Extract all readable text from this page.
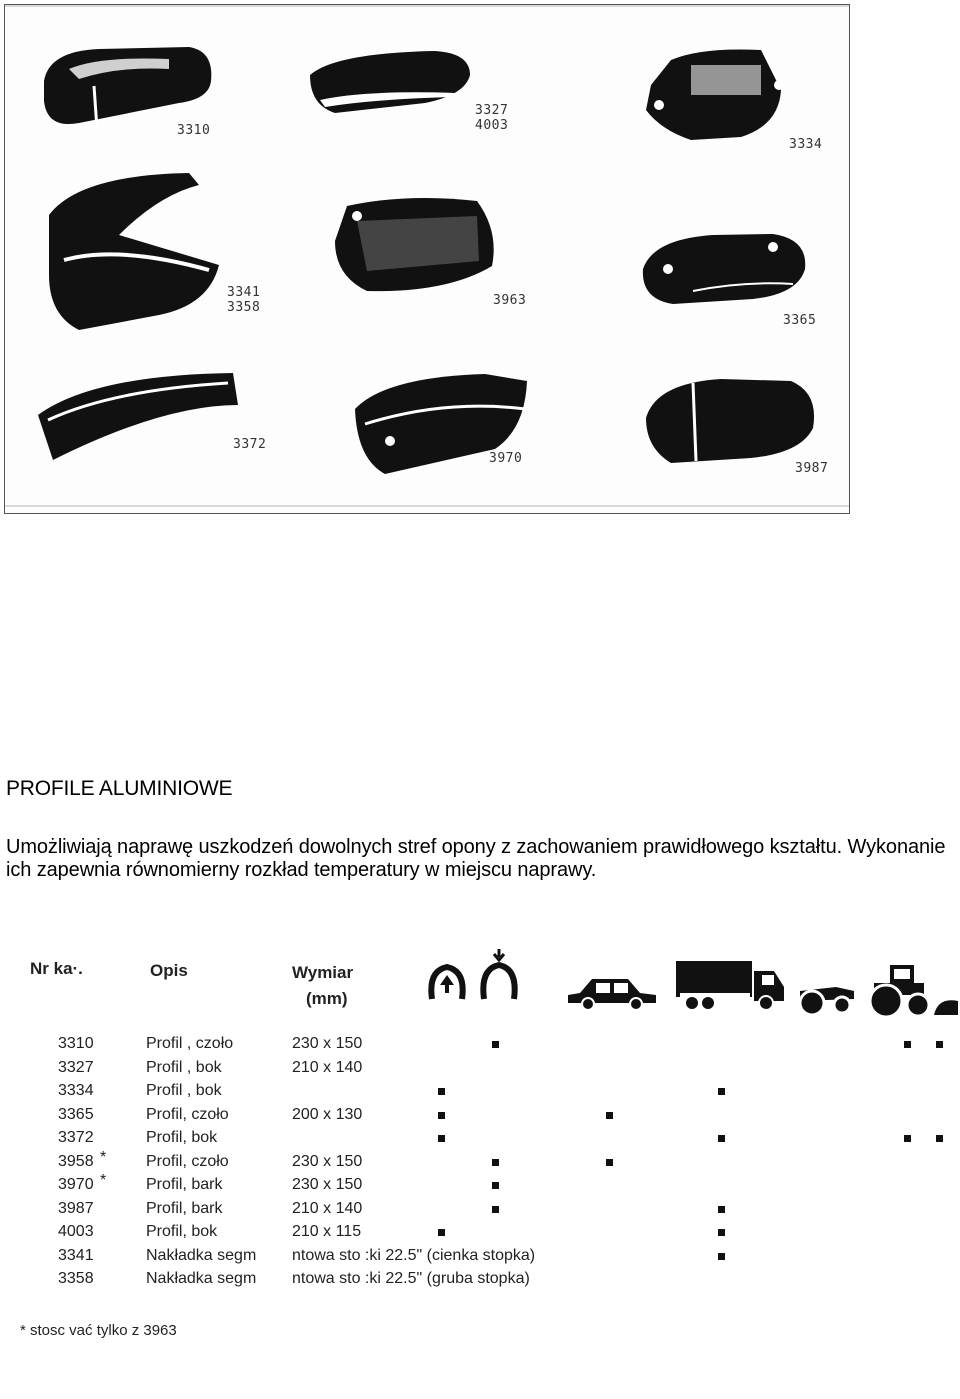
3310
3327
4003
3334
3341
3358	3963
3365
3372
3970
3987
PROFILE ALUMINIOWE
Umożliwiają naprawę uszkodzeń dowolnych stref opony z zachowaniem prawidłowego kształtu. Wykonanie ich zapewnia równomierny rozkład temperatury w miejscu naprawy.
Nr ka·.	Opis	Wymiar
(mm)
3310	Profil , czoło	230 x 150
3327	Profil , bok	210 x 140
3334	Profil , bok
3365	Profil, czoło	200 x 130
3372	Profil, bok
3958 * Profil, czoło	230 x 150
3970 * Profil, bark	230 x 150
3987	Profil, bark	210 x 140
4003	Profil, bok	210 x 115
3341	Nakładka segm ntowa sto :ki 22.5" (cienka stopka)
3358	Nakładka segm ntowa sto :ki 22.5" (gruba stopka)
* stosc vać tylko z 3963
